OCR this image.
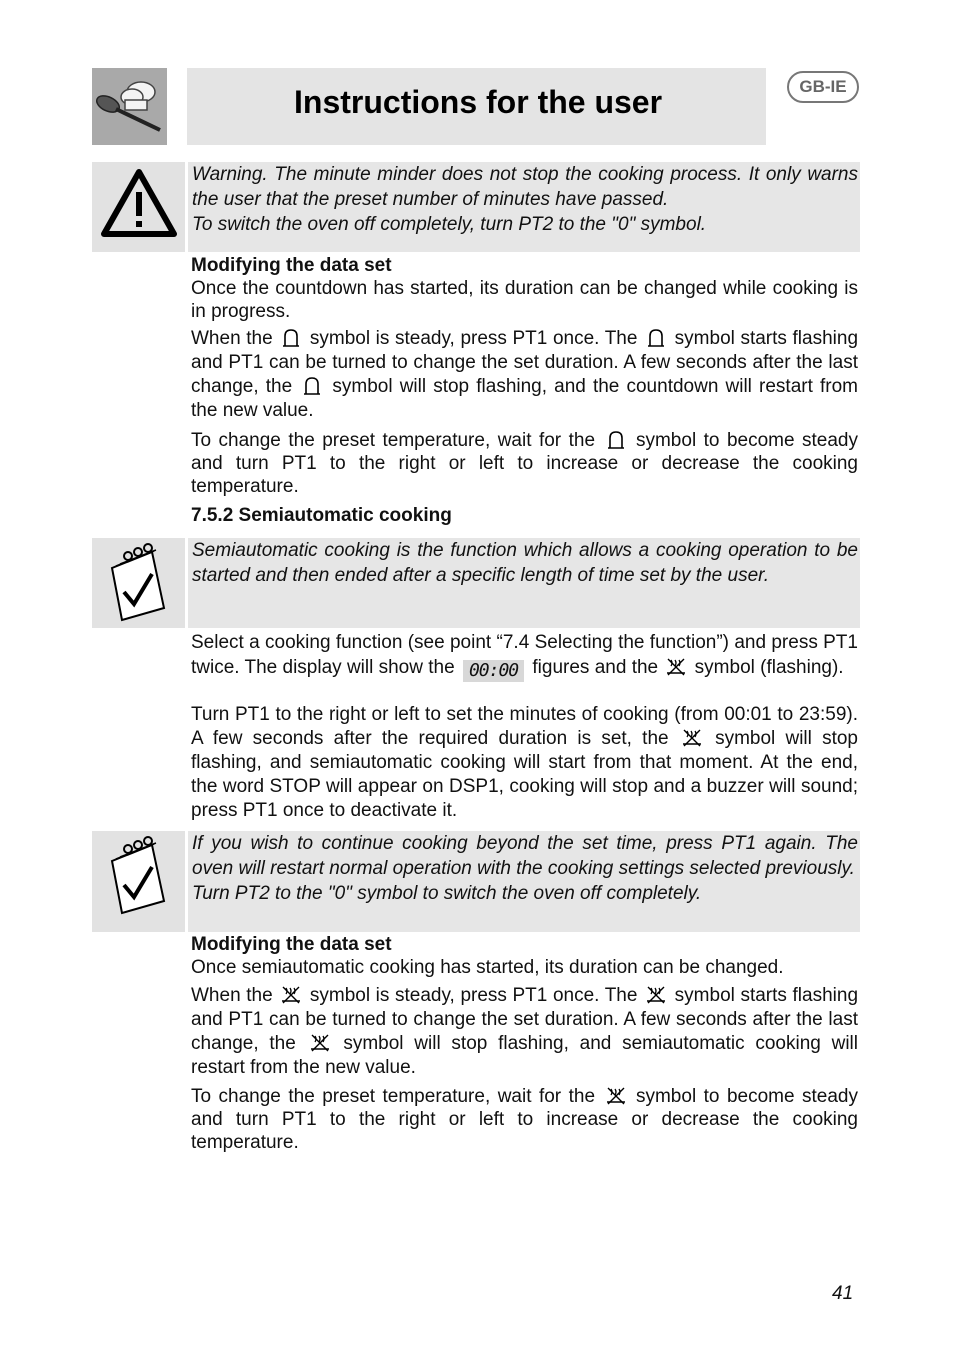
Instructions for the user	GB-IE
Warning. The minute minder does not stop the cooking process. It only warns the user that the preset number of minutes have passed.
To switch the oven off completely, turn PT2 to the "0" symbol.
Modifying the data set
Once the countdown has started, its duration can be changed while cooking is in progress.
When the symbol is steady, press PT1 once. The symbol starts flashing and PT1 can be turned to change the set duration. A few seconds after the last change, the symbol will stop flashing, and the countdown will restart from the new value.
To change the preset temperature, wait for the symbol to become steady and turn PT1 to the right or left to increase or decrease the cooking temperature.
7.5.2 Semiautomatic cooking
Semiautomatic cooking is the function which allows a cooking operation to be started and then ended after a specific length of time set by the user.
Select a cooking function (see point “7.4 Selecting the function”) and press PT1 twice. The display will show the 00:00 figures and the symbol (flashing).
Turn PT1 to the right or left to set the minutes of cooking (from 00:01 to 23:59). A few seconds after the required duration is set, the symbol will stop flashing, and semiautomatic cooking will start from that moment. At the end, the word STOP will appear on DSP1, cooking will stop and a buzzer will sound; press PT1 once to deactivate it.
If you wish to continue cooking beyond the set time, press PT1 again. The oven will restart normal operation with the cooking settings selected previously.
Turn PT2 to the "0" symbol to switch the oven off completely.
Modifying the data set
Once semiautomatic cooking has started, its duration can be changed.
When the symbol is steady, press PT1 once. The symbol starts flashing and PT1 can be turned to change the set duration. A few seconds after the last change, the	symbol will stop flashing, and semiautomatic cooking will restart from the new value.
To change the preset temperature, wait for the symbol to become steady and turn PT1 to the right or left to increase or decrease the cooking temperature.
41
